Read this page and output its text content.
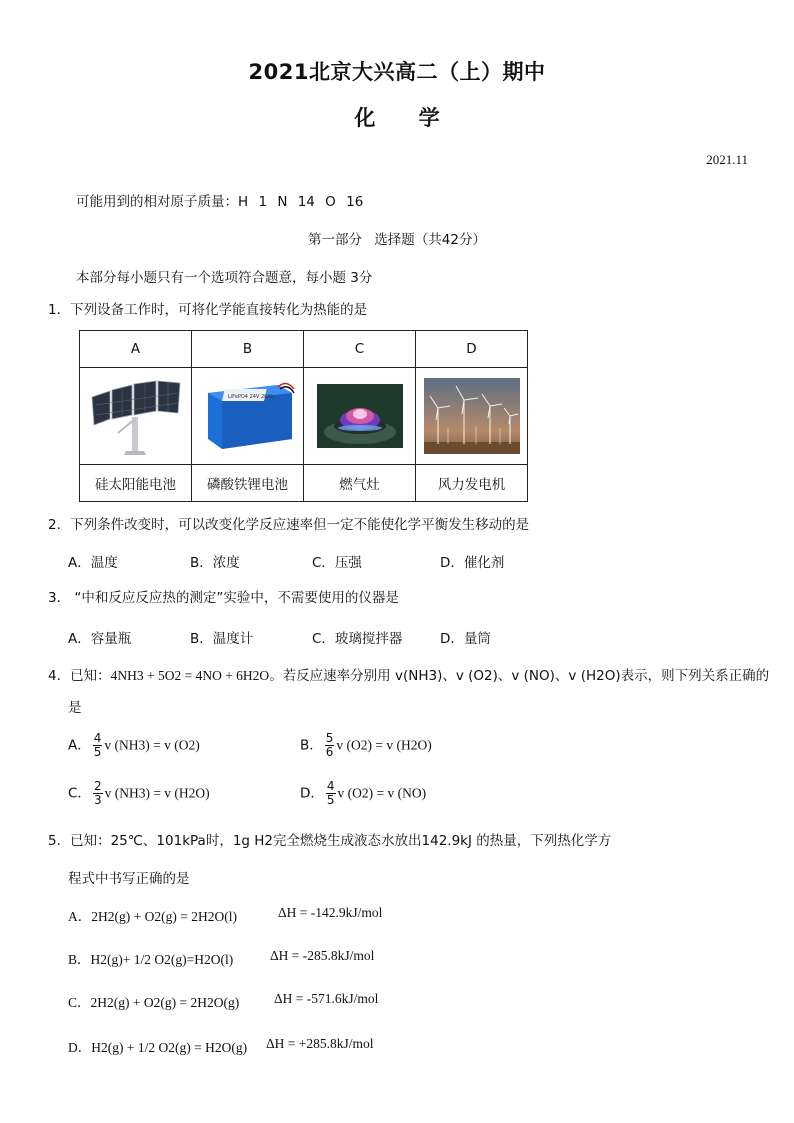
2021北京大兴高二（上）期中
化 学
2021.11
可能用到的相对原子质量：H 1 N 14 O 16
第一部分 选择题（共42分）
本部分每小题只有一个选项符合题意，每小题 3分
1．下列设备工作时，可将化学能直接转化为热能的是
A	B	C	D

LiFePO4 24V 20Ah

硅太阳能电池	磷酸铁锂电池	燃气灶	风力发电机
2．下列条件改变时，可以改变化学反应速率但一定不能使化学平衡发生移动的是
A．温度	B．浓度	C．压强	D．催化剂
3． “中和反应反应热的测定”实验中，不需要使用的仪器是
A．容量瓶	B．温度计	C．玻璃搅拌器	D．量筒
4．已知：4NH3 + 5O2 = 4NO + 6H2O。若反应速率分别用 v(NH3)、v (O2)、v (NO)、v (H2O)表示，则下列关系正确的
是
A． $\frac{4}{5}$ v (NH3) = v (O2)	B． $\frac{5}{6}$ v (O2) = v (H2O)
C． $\frac{2}{3}$ v (NH3) = v (H2O)	D． $\frac{4}{5}$ v (O2) = v (NO)
5．已知：25℃、101kPa时，1g H2完全燃烧生成液态水放出142.9kJ 的热量，下列热化学方
程式中书写正确的是
A．2H2(g) + O2(g) = 2H2O(l)	ΔH = -142.9kJ/mol
B．H2(g)+ 1/2 O2(g)=H2O(l)	ΔH = -285.8kJ/mol
C．2H2(g) + O2(g) = 2H2O(g)	ΔH = -571.6kJ/mol
D．H2(g) + 1/2 O2(g) = H2O(g) ΔH = +285.8kJ/mol
